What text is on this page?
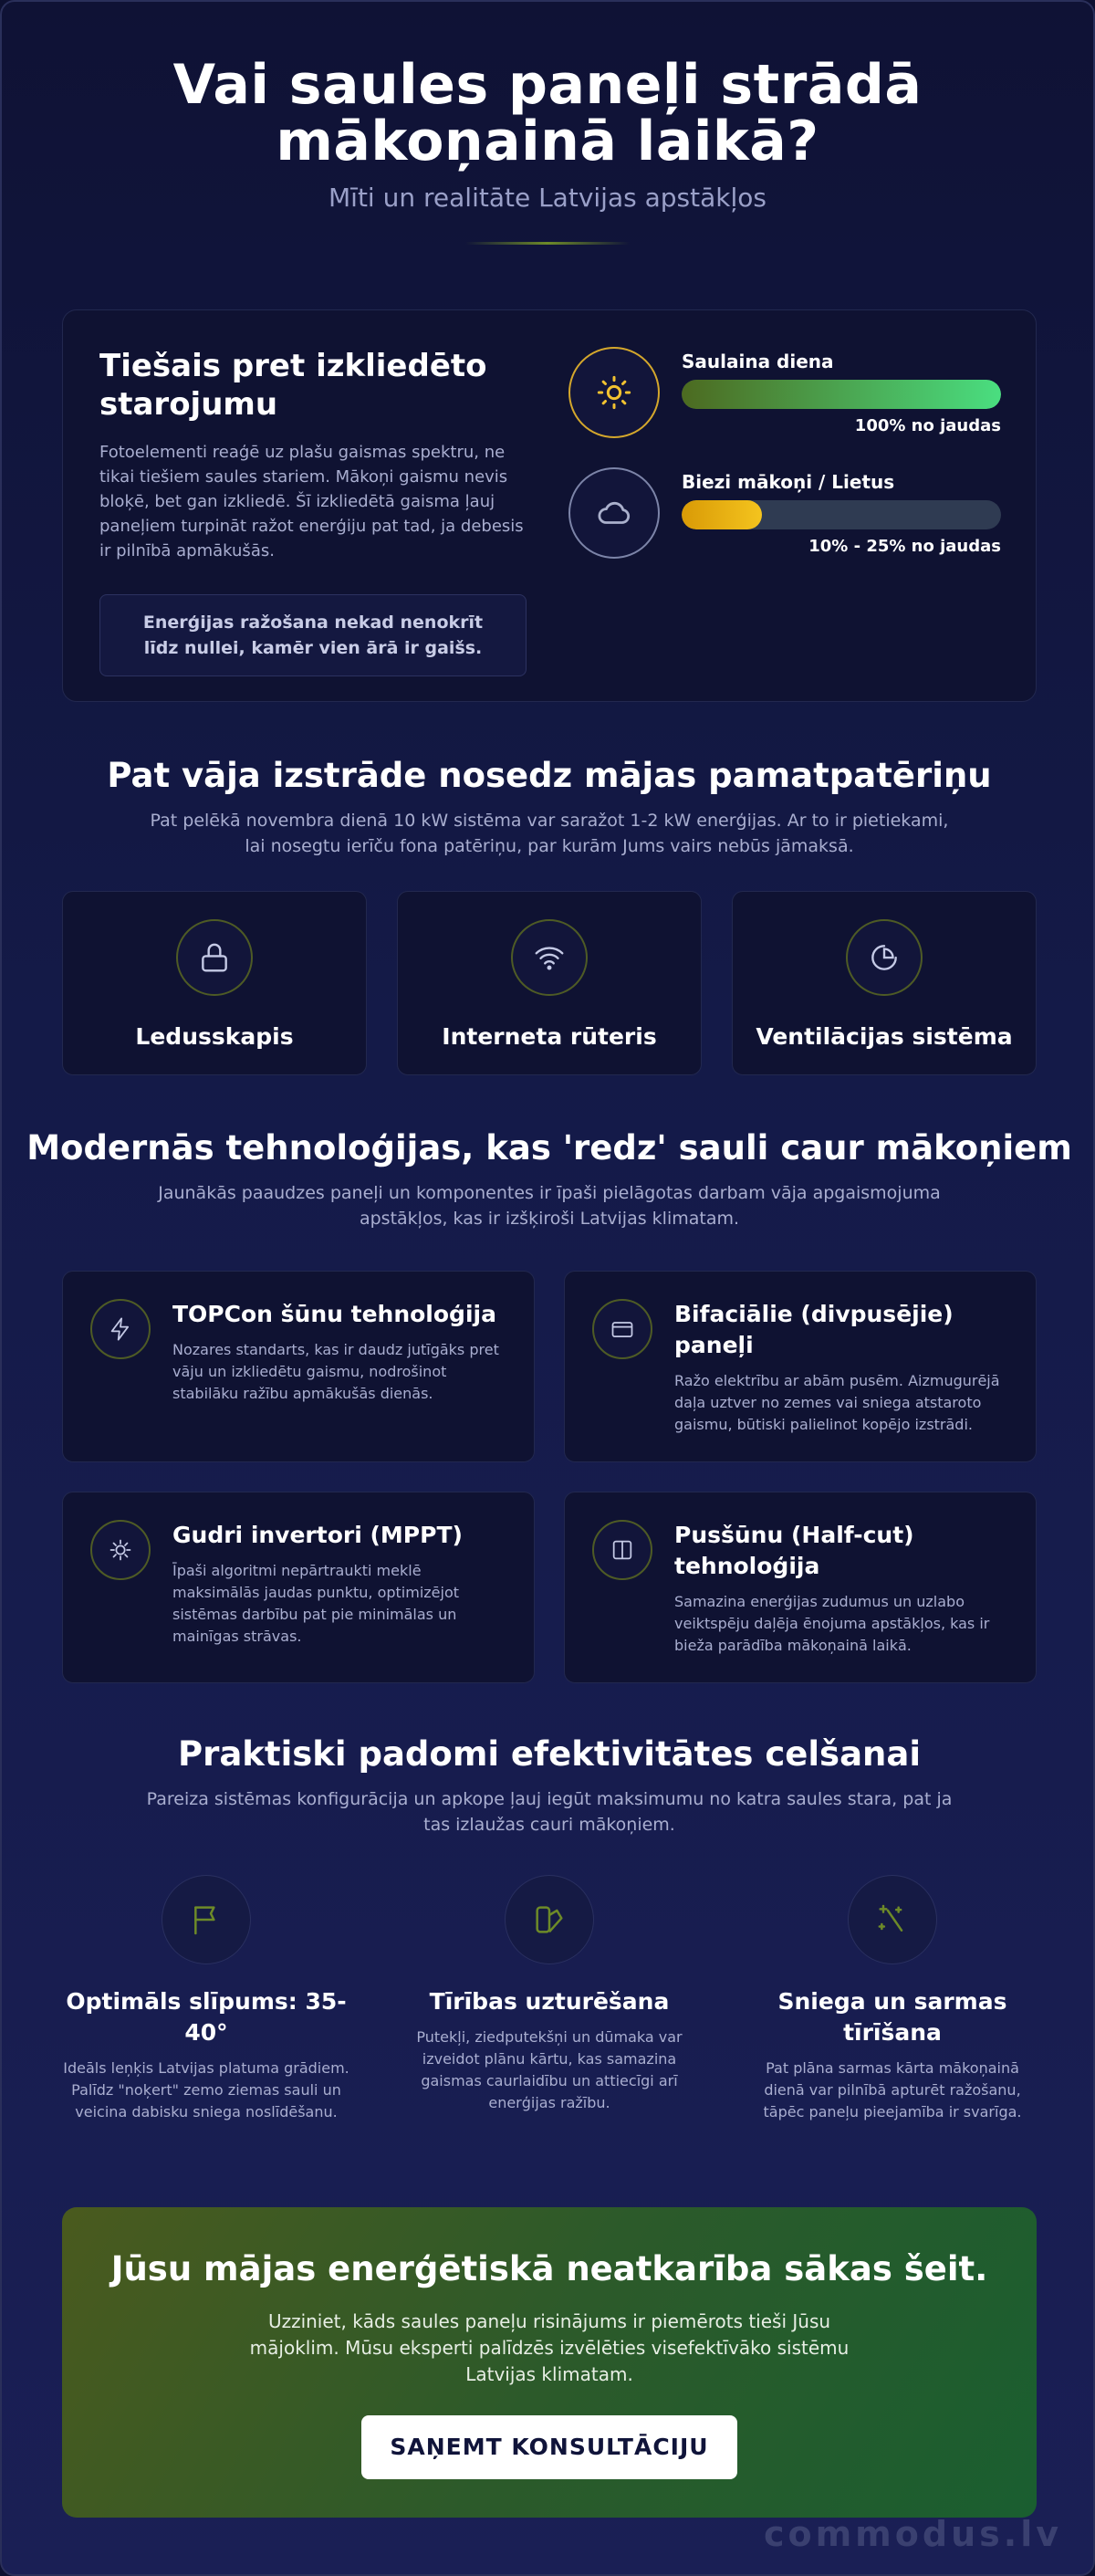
Vai saules paneļi strādā mākoņainā laikā?

Mīti un realitāte Latvijas apstākļos

Tiešais pret izkliedēto starojumu

Fotoelementi reaģē uz plašu gaismas spektru, ne tikai tiešiem saules stariem. Mākoņi gaismu nevis bloķē, bet gan izkliedē. Šī izkliedētā gaisma ļauj paneļiem turpināt ražot enerģiju pat tad, ja debesis ir pilnībā apmākušās.

Enerģijas ražošana nekad nenokrīt līdz nullei, kamēr vien ārā ir gaišs.
Saulaina diena
100% no jaudas
Biezi mākoņi / Lietus
10% - 25% no jaudas
Pat vāja izstrāde nosedz mājas pamatpatēriņu

Pat pelēkā novembra dienā 10 kW sistēma var saražot 1-2 kW enerģijas. Ar to ir pietiekami, lai nosegtu ierīču fona patēriņu, par kurām Jums vairs nebūs jāmaksā.

Ledusskapis	Interneta rūteris	Ventilācijas sistēma
Modernās tehnoloģijas, kas 'redz' sauli caur mākoņiem

Jaunākās paaudzes paneļi un komponentes ir īpaši pielāgotas darbam vāja apgaismojuma apstākļos, kas ir izšķiroši Latvijas klimatam.

TOPCon šūnu tehnoloģija
Nozares standarts, kas ir daudz jutīgāks pret vāju un izkliedētu gaismu, nodrošinot stabilāku ražību apmākušās dienās.
Bifaciālie (divpusējie) paneļi
Ražo elektrību ar abām pusēm. Aizmugurējā daļa uztver no zemes vai sniega atstaroto gaismu, būtiski palielinot kopējo izstrādi.
Gudri invertori (MPPT)
Īpaši algoritmi nepārtraukti meklē maksimālās jaudas punktu, optimizējot sistēmas darbību pat pie minimālas un mainīgas strāvas.
Pusšūnu (Half-cut) tehnoloģija
Samazina enerģijas zudumus un uzlabo veiktspēju daļēja ēnojuma apstākļos, kas ir bieža parādība mākoņainā laikā.
Praktiski padomi efektivitātes celšanai

Pareiza sistēmas konfigurācija un apkope ļauj iegūt maksimumu no katra saules stara, pat ja tas izlaužas cauri mākoņiem.

Optimāls slīpums: 35-40°
Ideāls leņķis Latvijas platuma grādiem. Palīdz "noķert" zemo ziemas sauli un veicina dabisku sniega noslīdēšanu.
Tīrības uzturēšana
Putekļi, ziedputekšņi un dūmaka var izveidot plānu kārtu, kas samazina gaismas caurlaidību un attiecīgi arī enerģijas ražību.
Sniega un sarmas tīrīšana
Pat plāna sarmas kārta mākoņainā dienā var pilnībā apturēt ražošanu, tāpēc paneļu pieejamība ir svarīga.
Jūsu mājas enerģētiskā neatkarība sākas šeit.

Uzziniet, kāds saules paneļu risinājums ir piemērots tieši Jūsu mājoklim. Mūsu eksperti palīdzēs izvēlēties visefektīvāko sistēmu Latvijas klimatam.

SAŅEMT KONSULTĀCIJU
commodus.lv
